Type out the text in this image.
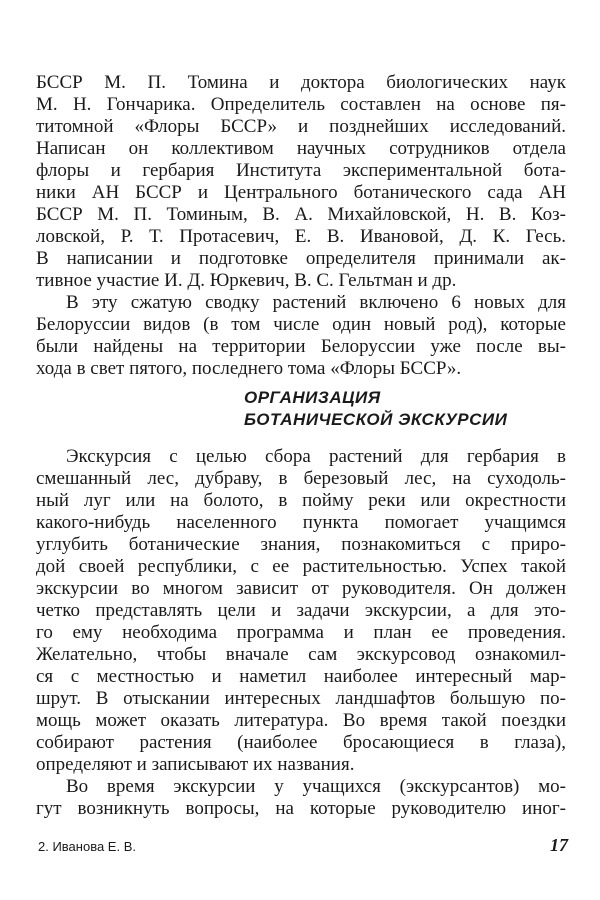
БССР М. П. Томина и доктора биологических наук
М. Н. Гончарика. Определитель составлен на основе пя-
титомной «Флоры БССР» и позднейших исследований.
Написан он коллективом научных сотрудников отдела
флоры и гербария Института экспериментальной бота-
ники АН БССР и Центрального ботанического сада АН
БССР М. П. Томиным, В. А. Михайловской, Н. В. Коз-
ловской, Р. Т. Протасевич, Е. В. Ивановой, Д. К. Гесь.
В написании и подготовке определителя принимали ак-
тивное участие И. Д. Юркевич, В. С. Гельтман и др.
В эту сжатую сводку растений включено 6 новых для
Белоруссии видов (в том числе один новый род), которые
были найдены на территории Белоруссии уже после вы-
хода в свет пятого, последнего тома «Флоры БССР».
ОРГАНИЗАЦИЯ
БОТАНИЧЕСКОЙ ЭКСКУРСИИ
Экскурсия с целью сбора растений для гербария в
смешанный лес, дубраву, в березовый лес, на суходоль-
ный луг или на болото, в пойму реки или окрестности
какого-нибудь населенного пункта помогает учащимся
углубить ботанические знания, познакомиться с приро-
дой своей республики, с ее растительностью. Успех такой
экскурсии во многом зависит от руководителя. Он должен
четко представлять цели и задачи экскурсии, а для это-
го ему необходима программа и план ее проведения.
Желательно, чтобы вначале сам экскурсовод ознакомил-
ся с местностью и наметил наиболее интересный мар-
шрут. В отыскании интересных ландшафтов большую по-
мощь может оказать литература. Во время такой поездки
собирают растения (наиболее бросающиеся в глаза),
определяют и записывают их названия.
Во время экскурсии у учащихся (экскурсантов) мо-
гут возникнуть вопросы, на которые руководителю иног-
2. Иванова Е. В.	17
